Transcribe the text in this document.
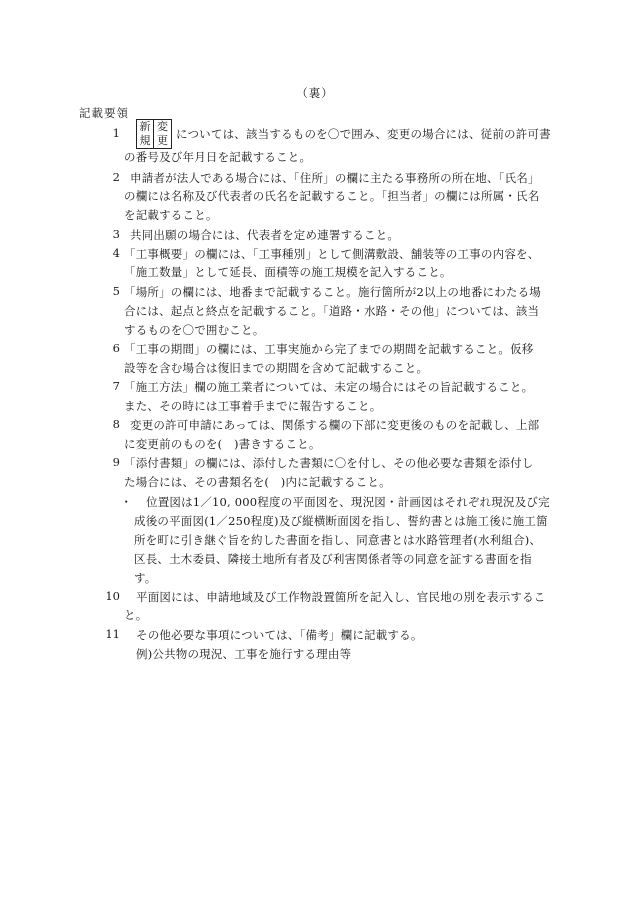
（裏）
記載要領
1 新 変
規 更 については、該当するものを〇で囲み、変更の場合には、従前の許可書
の番号及び年月日を記載すること。
2 申請者が法人である場合には、「住所」の欄に主たる事務所の所在地、「氏名」
の欄には名称及び代表者の氏名を記載すること。「担当者」の欄には所属・氏名
を記載すること。
3 共同出願の場合には、代表者を定め連署すること。
4 「工事概要」の欄には、「工事種別」として側溝敷設、舗装等の工事の内容を、
「施工数量」として延長、面積等の施工規模を記入すること。
5 「場所」の欄には、地番まで記載すること。施行箇所が2以上の地番にわたる場
合には、起点と終点を記載すること。「道路・水路・その他」については、該当
するものを〇で囲むこと。
6 「工事の期間」の欄には、工事実施から完了までの期間を記載すること。仮移
設等を含む場合は復旧までの期間を含めて記載すること。
7 「施工方法」欄の施工業者については、未定の場合にはその旨記載すること。
また、その時には工事着手までに報告すること。
8 変更の許可申請にあっては、関係する欄の下部に変更後のものを記載し、上部
に変更前のものを(　)書きすること。
9 「添付書類」の欄には、添付した書類に〇を付し、その他必要な書類を添付し
た場合には、その書類名を(　)内に記載すること。
・ 位置図は1／10, 000程度の平面図を、現況図・計画図はそれぞれ現況及び完
成後の平面図(1／250程度)及び縦横断面図を指し、誓約書とは施工後に施工箇
所を町に引き継ぐ旨を約した書面を指し、同意書とは水路管理者(水利組合)、
区長、土木委員、隣接土地所有者及び利害関係者等の同意を証する書面を指
す。
10 平面図には、申請地域及び工作物設置箇所を記入し、官民地の別を表示するこ
と。
11 その他必要な事項については、「備考」欄に記載する。
例)公共物の現況、工事を施行する理由等
